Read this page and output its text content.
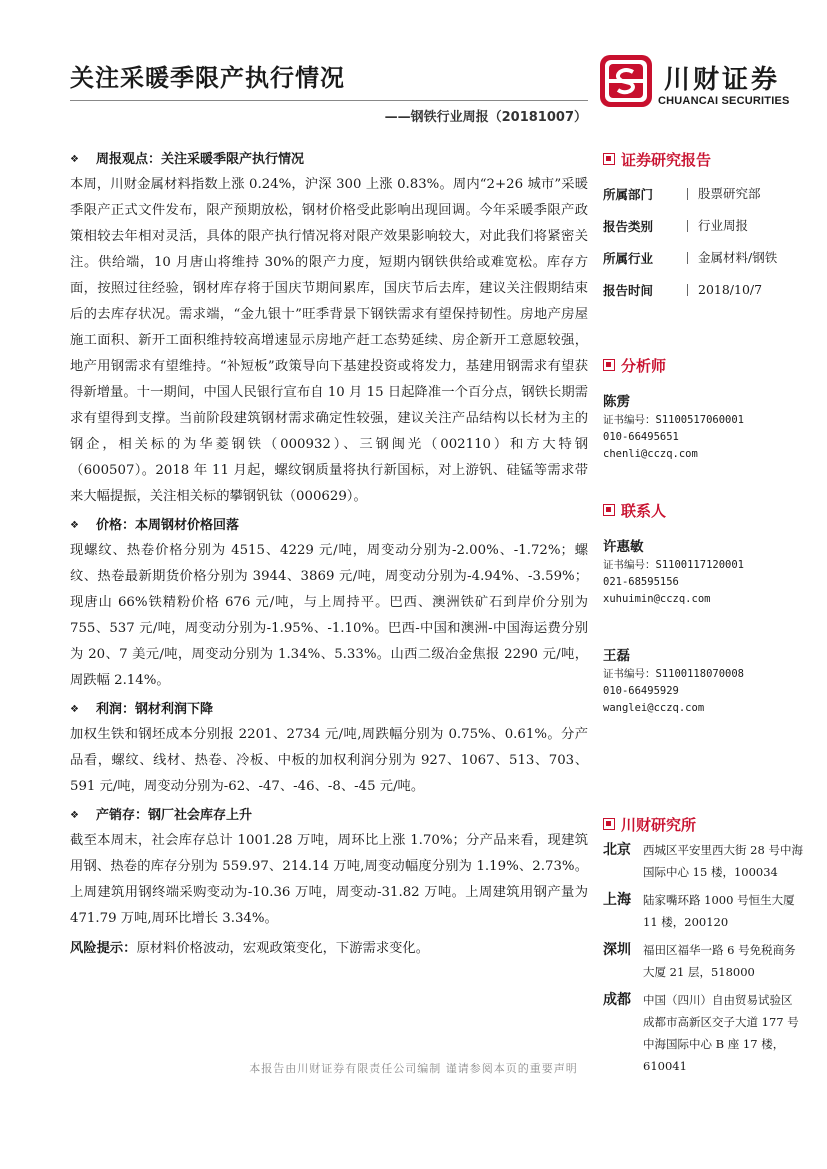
关注采暖季限产执行情况
——钢铁行业周报（20181007）
川财证券
CHUANCAI SECURITIES
❖ 周报观点：关注采暖季限产执行情况

本周，川财金属材料指数上涨 0.24%，沪深 300 上涨 0.83%。周内“2+26 城市”采暖季限产正式文件发布，限产预期放松，钢材价格受此影响出现回调。今年采暖季限产政策相较去年相对灵活，具体的限产执行情况将对限产效果影响较大，对此我们将紧密关注。供给端，10 月唐山将维持 30%的限产力度，短期内钢铁供给或难宽松。库存方面，按照过往经验，钢材库存将于国庆节期间累库，国庆节后去库，建议关注假期结束后的去库存状况。需求端，“金九银十”旺季背景下钢铁需求有望保持韧性。房地产房屋施工面积、新开工面积维持较高增速显示房地产赶工态势延续、房企新开工意愿较强，地产用钢需求有望维持。“补短板”政策导向下基建投资或将发力，基建用钢需求有望获得新增量。十一期间，中国人民银行宣布自 10 月 15 日起降准一个百分点，钢铁长期需求有望得到支撑。当前阶段建筑钢材需求确定性较强，建议关注产品结构以长材为主的钢企，相关标的为华菱钢铁（000932）、三钢闽光（002110）和方大特钢（600507）。2018 年 11 月起，螺纹钢质量将执行新国标，对上游钒、硅锰等需求带来大幅提振，关注相关标的攀钢钒钛（000629）。

❖ 价格：本周钢材价格回落

现螺纹、热卷价格分别为 4515、4229 元/吨，周变动分别为-2.00%、-1.72%；螺纹、热卷最新期货价格分别为 3944、3869 元/吨，周变动分别为-4.94%、-3.59%；现唐山 66%铁精粉价格 676 元/吨，与上周持平。巴西、澳洲铁矿石到岸价分别为 755、537 元/吨，周变动分别为-1.95%、-1.10%。巴西-中国和澳洲-中国海运费分别为 20、7 美元/吨，周变动分别为 1.34%、5.33%。山西二级冶金焦报 2290 元/吨，周跌幅 2.14%。

❖ 利润：钢材利润下降

加权生铁和钢坯成本分别报 2201、2734 元/吨,周跌幅分别为 0.75%、0.61%。分产品看，螺纹、线材、热卷、冷板、中板的加权利润分别为 927、1067、513、703、591 元/吨，周变动分别为-62、-47、-46、-8、-45 元/吨。

❖ 产销存：钢厂社会库存上升

截至本周末，社会库存总计 1001.28 万吨，周环比上涨 1.70%；分产品来看，现建筑用钢、热卷的库存分别为 559.97、214.14 万吨,周变动幅度分别为 1.19%、2.73%。上周建筑用钢终端采购变动为-10.36 万吨，周变动-31.82 万吨。上周建筑用钢产量为 471.79 万吨,周环比增长 3.34%。

风险提示：原材料价格波动，宏观政策变化，下游需求变化。

证券研究报告
所属部门	股票研究部
报告类别	行业周报
所属行业	金属材料/钢铁
报告时间	2018/10/7
分析师
陈雳
证书编号：S1100517060001
010-66495651
chenli@cczq.com
联系人
许惠敏
证书编号：S1100117120001
021-68595156
xuhuimin@cczq.com
王磊
证书编号：S1100118070008
010-66495929
wanglei@cczq.com
川财研究所
北京	西城区平安里西大街 28 号中海国际中心 15 楼，100034
上海	陆家嘴环路 1000 号恒生大厦 11 楼，200120
深圳	福田区福华一路 6 号免税商务大厦 21 层，518000
成都	中国（四川）自由贸易试验区成都市高新区交子大道 177 号中海国际中心 B 座 17 楼，610041
本报告由川财证券有限责任公司编制 谨请参阅本页的重要声明
